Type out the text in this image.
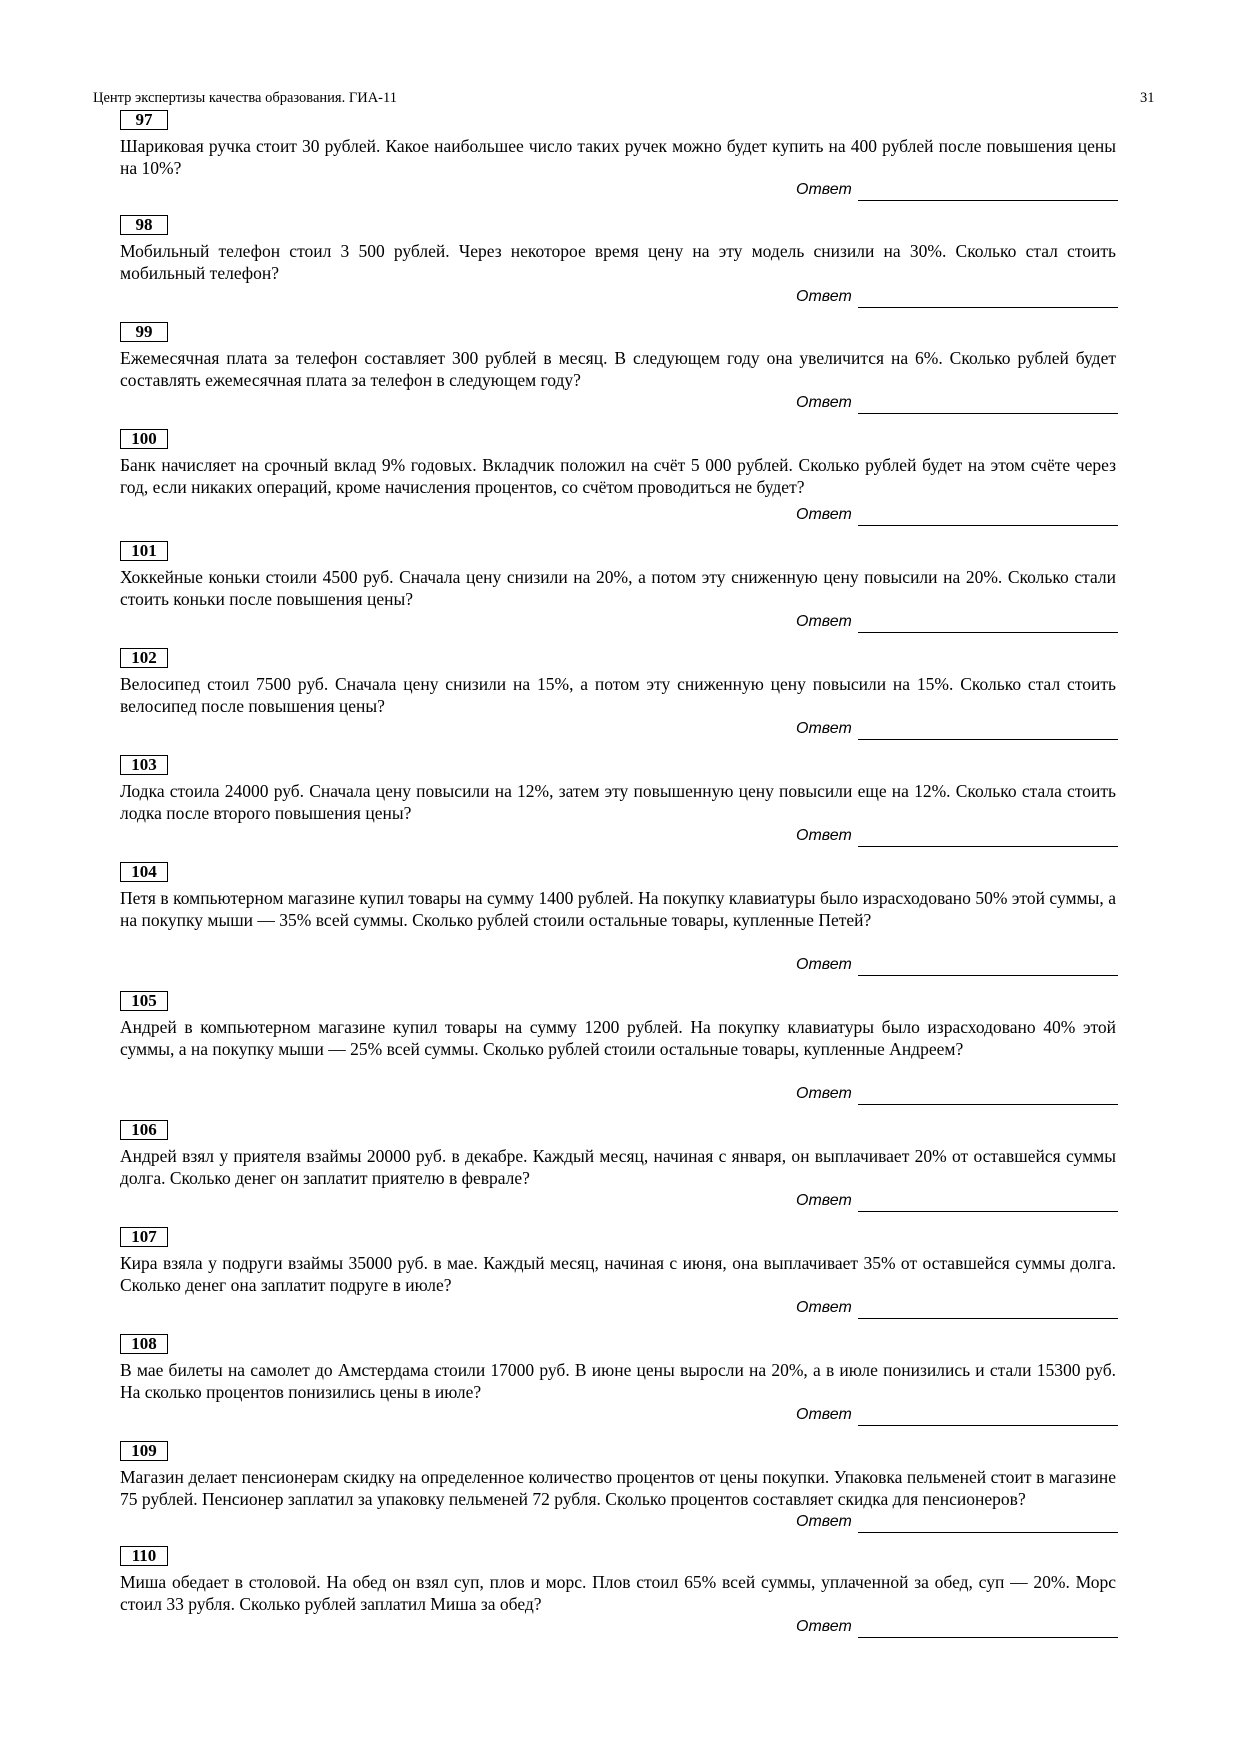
Центр экспертизы качества образования. ГИА-11	31
97
Шариковая ручка стоит 30 рублей. Какое наибольшее число таких ручек можно будет купить на 400 рублей после повышения цены на 10%?
Ответ
98
Мобильный телефон стоил 3 500 рублей. Через некоторое время цену на эту модель снизили на 30%. Сколько стал стоить мобильный телефон?
Ответ
99
Ежемесячная плата за телефон составляет 300 рублей в месяц. В следующем году она увеличится на 6%. Сколько рублей будет составлять ежемесячная плата за телефон в следующем году?
Ответ
100
Банк начисляет на срочный вклад 9% годовых. Вкладчик положил на счёт 5 000 рублей. Сколько рублей будет на этом счёте через год, если никаких операций, кроме начисления процентов, со счётом проводиться не будет?
Ответ
101
Хоккейные коньки стоили 4500 руб. Сначала цену снизили на 20%, а потом эту сниженную цену повысили на 20%. Сколько стали стоить коньки после повышения цены?
Ответ
102
Велосипед стоил 7500 руб. Сначала цену снизили на 15%, а потом эту сниженную цену повысили на 15%. Сколько стал стоить велосипед после повышения цены?
Ответ
103
Лодка стоила 24000 руб. Сначала цену повысили на 12%, затем эту повышенную цену повысили еще на 12%. Сколько стала стоить лодка после второго повышения цены?
Ответ
104
Петя в компьютерном магазине купил товары на сумму 1400 рублей. На покупку клавиатуры было израсходовано 50% этой суммы, а на покупку мыши — 35% всей суммы. Сколько рублей стоили остальные товары, купленные Петей?
Ответ
105
Андрей в компьютерном магазине купил товары на сумму 1200 рублей. На покупку клавиатуры было израсходовано 40% этой суммы, а на покупку мыши — 25% всей суммы. Сколько рублей стоили остальные товары, купленные Андреем?
Ответ
106
Андрей взял у приятеля взаймы 20000 руб. в декабре. Каждый месяц, начиная с января, он выплачивает 20% от оставшейся суммы долга. Сколько денег он заплатит приятелю в феврале?
Ответ
107
Кира взяла у подруги взаймы 35000 руб. в мае. Каждый месяц, начиная с июня, она выплачивает 35% от оставшейся суммы долга. Сколько денег она заплатит подруге в июле?
Ответ
108
В мае билеты на самолет до Амстердама стоили 17000 руб. В июне цены выросли на 20%, а в июле понизились и стали 15300 руб. На сколько процентов понизились цены в июле?
Ответ
109
Магазин делает пенсионерам скидку на определенное количество процентов от цены покупки. Упаковка пельменей стоит в магазине 75 рублей. Пенсионер заплатил за упаковку пельменей 72 рубля. Сколько процентов составляет скидка для пенсионеров?
Ответ
110
Миша обедает в столовой. На обед он взял суп, плов и морс. Плов стоил 65% всей суммы, уплаченной за обед, суп — 20%. Морс стоил 33 рубля. Сколько рублей заплатил Миша за обед?
Ответ
